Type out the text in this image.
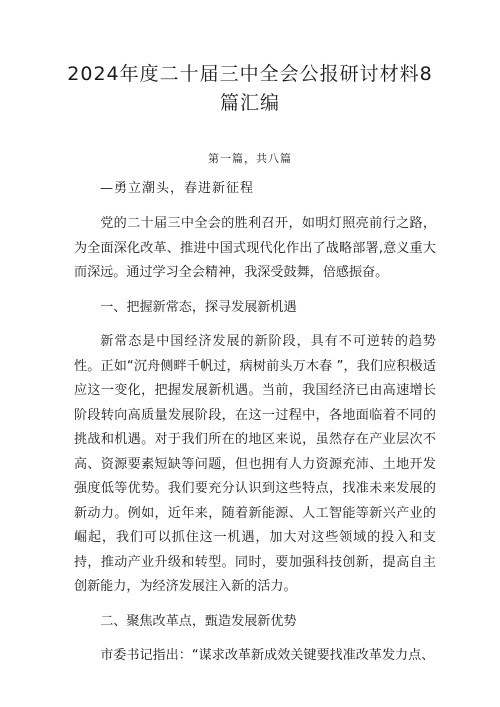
2024年度二十届三中全会公报研讨材料8篇汇编
第一篇，共八篇
—勇立潮头，春进新征程

党的二十届三中全会的胜利召开，如明灯照亮前行之路，为全面深化改革、推进中国式现代化作出了战略部署,意义重大而深远。通过学习全会精神，我深受鼓舞，倍感振奋。

一、把握新常态，探寻发展新机遇

新常态是中国经济发展的新阶段，具有不可逆转的趋势性。正如“沉舟侧畔千帆过，病树前头万木春 ”，我们应积极适应这一变化，把握发展新机遇。当前，我国经济已由高速增长阶段转向高质量发展阶段，在这一过程中，各地面临着不同的挑战和机遇。对于我们所在的地区来说，虽然存在产业层次不高、资源要素短缺等问题，但也拥有人力资源充沛、土地开发强度低等优势。我们要充分认识到这些特点，找准未来发展的新动力。例如，近年来，随着新能源、人工智能等新兴产业的崛起，我们可以抓住这一机遇，加大对这些领域的投入和支持，推动产业升级和转型。同时，要加强科技创新，提高自主创新能力，为经济发展注入新的活力。

二、聚焦改革点，甄造发展新优势

市委书记指出：“谋求改革新成效关键要找准改革发力点、
